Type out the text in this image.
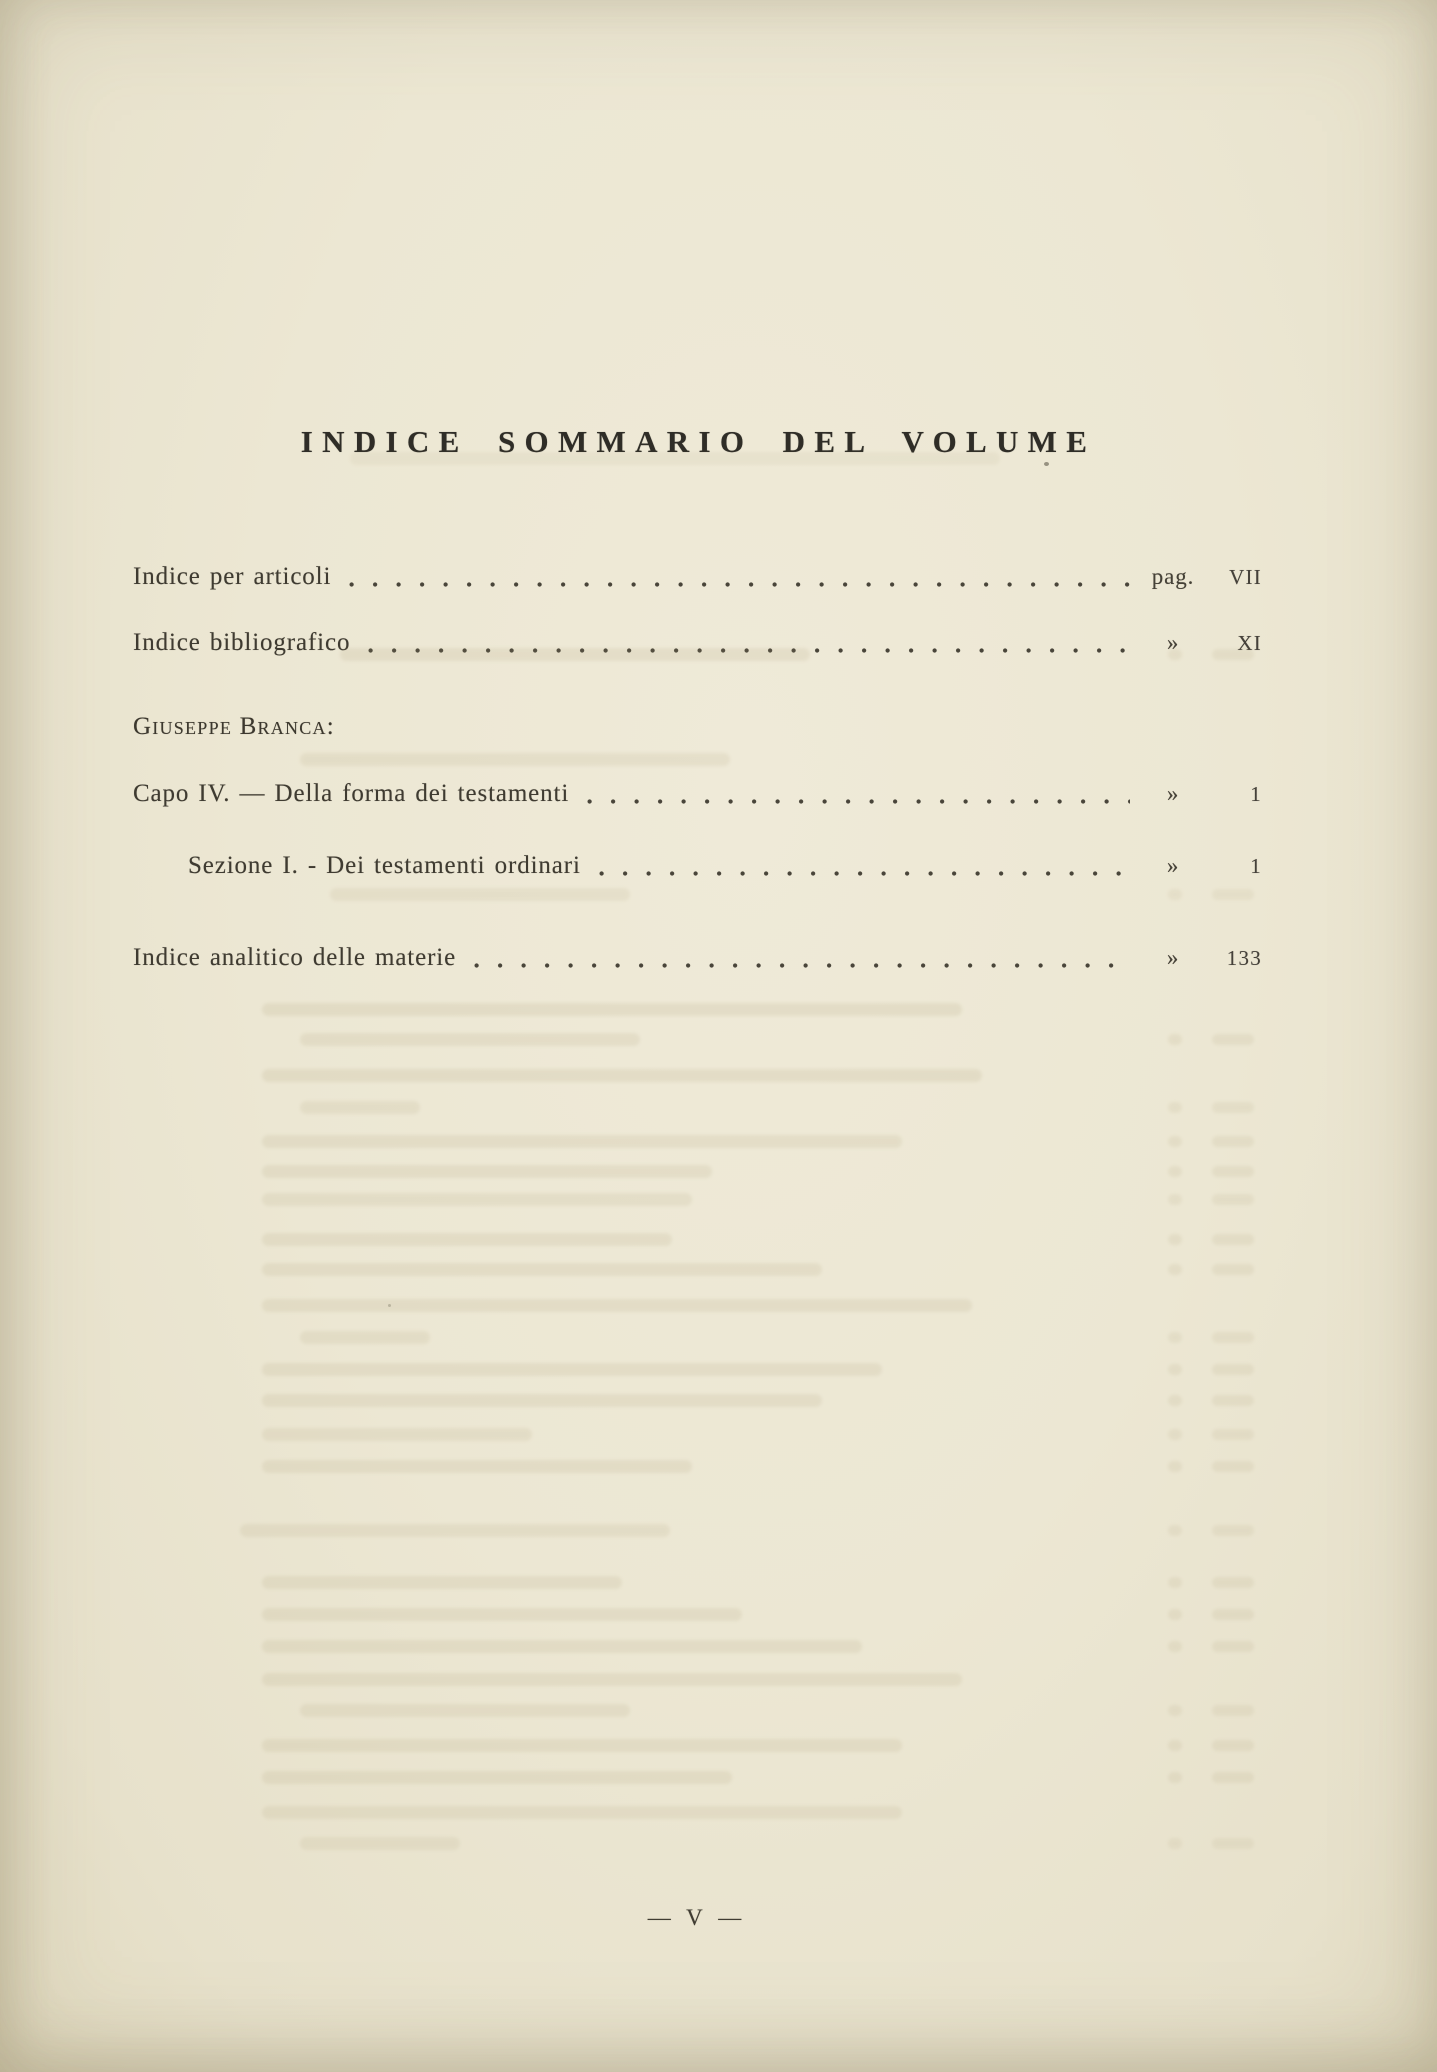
INDICE SOMMARIO DEL VOLUME
Indice per articoli	pag.	VII
Indice bibliografico	»	XI
Giuseppe Branca:
Capo IV. — Della forma dei testamenti	»	1
Sezione I. - Dei testamenti ordinari	»	1
Indice analitico delle materie	»	133
— V —
